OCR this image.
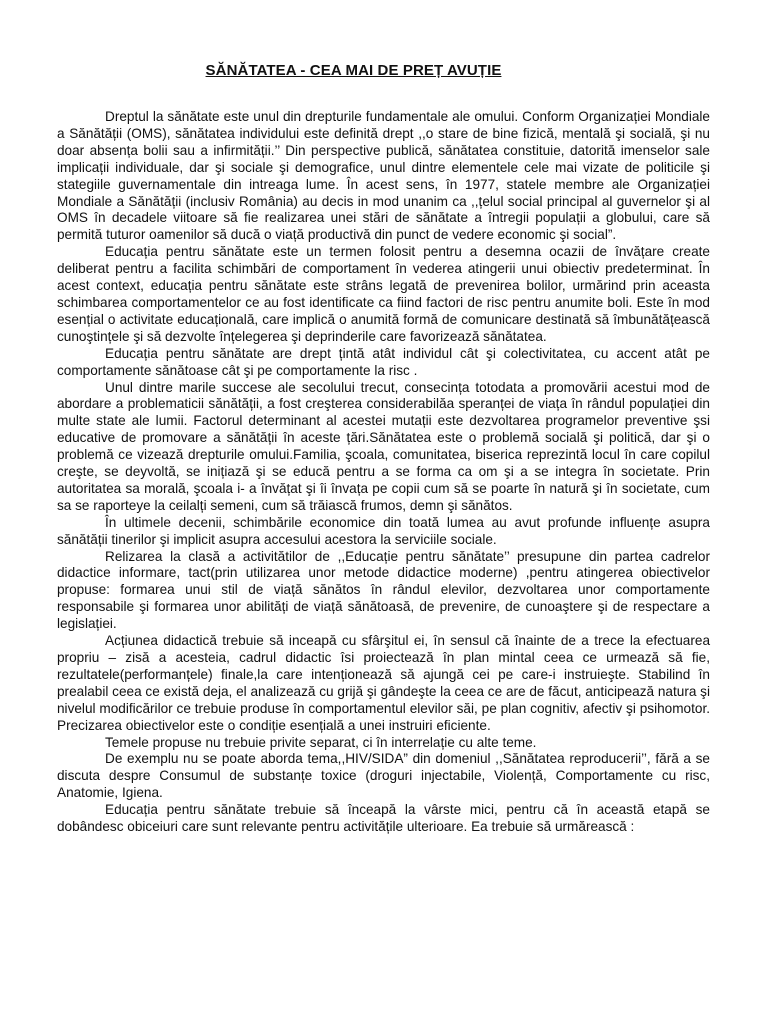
SĂNĂTATEA - CEA MAI DE PREȚ AVUȚIE

Dreptul la sănătate este unul din drepturile fundamentale ale omului. Conform Organizației Mondiale a Sănătății (OMS), sănătatea individului este definită drept ,,o stare de bine fizică, mentală şi socială, şi nu doar absența bolii sau a infirmității.’’ Din perspective publică, sănătatea constituie, datorită imenselor sale implicații individuale, dar şi sociale şi demografice, unul dintre elementele cele mai vizate de politicile şi stategiile guvernamentale din intreaga lume. În acest sens, în 1977, statele membre ale Organizației Mondiale a Sănătății (inclusiv România) au decis in mod unanim ca ,,țelul social principal al guvernelor şi al OMS în decadele viitoare să fie realizarea unei stări de sănătate a întregii populații a globului, care să permită tuturor oamenilor să ducă o viață productivă din punct de vedere economic şi social”.

Educația pentru sănătate este un termen folosit pentru a desemna ocazii de învățare create deliberat pentru a facilita schimbări de comportament în vederea atingerii unui obiectiv predeterminat. În acest context, educația pentru sănătate este strâns legată de prevenirea bolilor, urmărind prin aceasta schimbarea comportamentelor ce au fost identificate ca fiind factori de risc pentru anumite boli. Este în mod esențial o activitate educațională, care implică o anumită formă de comunicare destinată să îmbunătățească cunoştințele şi să dezvolte înțelegerea şi deprinderile care favorizează sănătatea.

Educația pentru sănătate are drept țintă atât individul cât şi colectivitatea, cu accent atât pe comportamente sănătoase cât şi pe comportamente la risc .

Unul dintre marile succese ale secolului trecut, consecința totodata a promovării acestui mod de abordare a problematicii sănătății, a fost creşterea considerabilăa speranței de viața în rândul populației din multe state ale lumii. Factorul determinant al acestei mutații este dezvoltarea programelor preventive şsi educative de promovare a sănătății în aceste țări.Sănătatea este o problemă socială şi politică, dar şi o problemă ce vizează drepturile omului.Familia, şcoala, comunitatea, biserica reprezintă locul în care copilul creşte, se deyvoltă, se inițiază şi se educă pentru a se forma ca om şi a se integra în societate. Prin autoritatea sa morală, şcoala i- a învățat şi îi învața pe copii cum să se poarte în natură şi în societate, cum sa se raporteye la ceilalți semeni, cum să trăiască frumos, demn şi sănătos.

În ultimele decenii, schimbările economice din toată lumea au avut profunde influențe asupra sănătății tinerilor şi implicit asupra accesului acestora la serviciile sociale.

Relizarea la clasă a activitătilor de ,,Educație pentru sănătate’’ presupune din partea cadrelor didactice informare, tact(prin utilizarea unor metode didactice moderne) ,pentru atingerea obiectivelor propuse: formarea unui stil de viață sănătos în rândul elevilor, dezvoltarea unor comportamente responsabile şi formarea unor abilități de viață sănătoasă, de prevenire, de cunoaştere şi de respectare a legislației.

Acțiunea didactică trebuie să inceapă cu sfârşitul ei, în sensul că înainte de a trece la efectuarea propriu – zisă a acesteia, cadrul didactic îsi proiectează în plan mintal ceea ce urmează să fie, rezultatele(performanțele) finale,la care intenționează să ajungă cei pe care-i instruieşte. Stabilind în prealabil ceea ce există deja, el analizează cu grijă şi gândeşte la ceea ce are de făcut, anticipează natura şi nivelul modificărilor ce trebuie produse în comportamentul elevilor săi, pe plan cognitiv, afectiv şi psihomotor. Precizarea obiectivelor este o condiție esențială a unei instruiri eficiente.

Temele propuse nu trebuie privite separat, ci în interrelație cu alte teme.

De exemplu nu se poate aborda tema,,HIV/SIDA” din domeniul ,,Sănătatea reproducerii’’, fără a se discuta despre Consumul de substanțe toxice (droguri injectabile, Violență, Comportamente cu risc, Anatomie, Igiena.

Educația pentru sănătate trebuie să înceapă la vârste mici, pentru că în această etapă se dobândesc obiceiuri care sunt relevante pentru activitățile ulterioare. Ea trebuie să urmărească :
